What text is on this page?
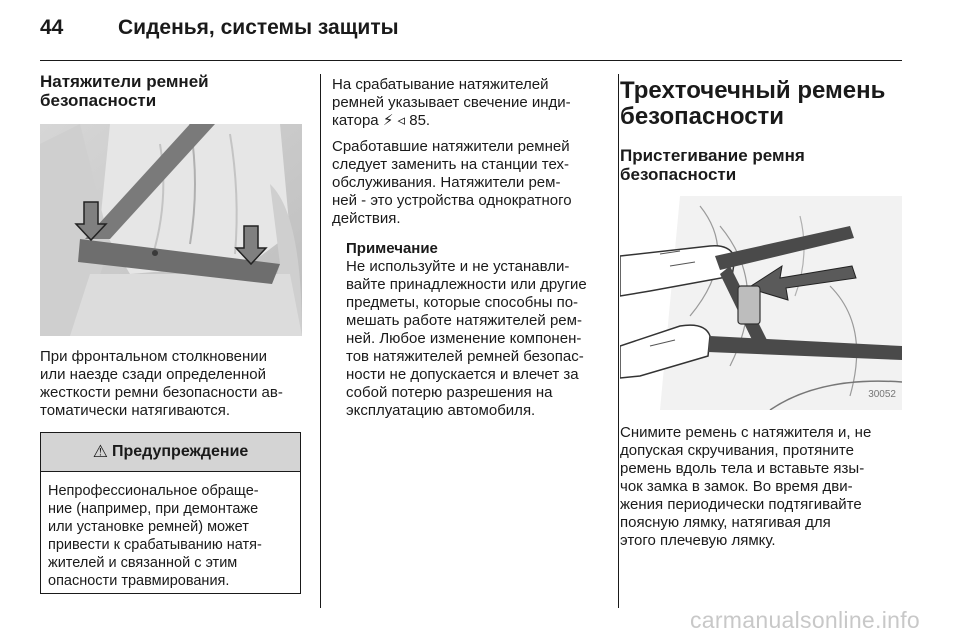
44	Сиденья, системы защиты
Натяжители ремней
безопасности

При фронтальном столкновении

или наезде сзади определенной

жесткости ремни безопасности ав-

томатически натягиваются.

⚠ Предупреждение
Непрофессиональное обраще-
ние (например, при демонтаже
или установке ремней) может
привести к срабатыванию натя-
жителей и связанной с этим
опасности травмирования.

На срабатывание натяжителей

ремней указывает свечение инди-

катора ⚡ ◃ 85.

Сработавшие натяжители ремней

следует заменить на станции тех-

обслуживания. Натяжители рем-

ней - это устройства однократного

действия.

Примечание

Не используйте и не устанавли-

вайте принадлежности или другие

предметы, которые способны по-

мешать работе натяжителей рем-

ней. Любое изменение компонен-

тов натяжителей ремней безопас-

ности не допускается и влечет за

собой потерю разрешения на

эксплуатацию автомобиля.

Трехточечный ремень
безопасности
Пристегивание ремня
безопасности
30052

Снимите ремень с натяжителя и, не

допуская скручивания, протяните

ремень вдоль тела и вставьте язы-

чок замка в замок. Во время дви-

жения периодически подтягивайте

поясную лямку, натягивая для

этого плечевую лямку.

carmanualsonline.info
